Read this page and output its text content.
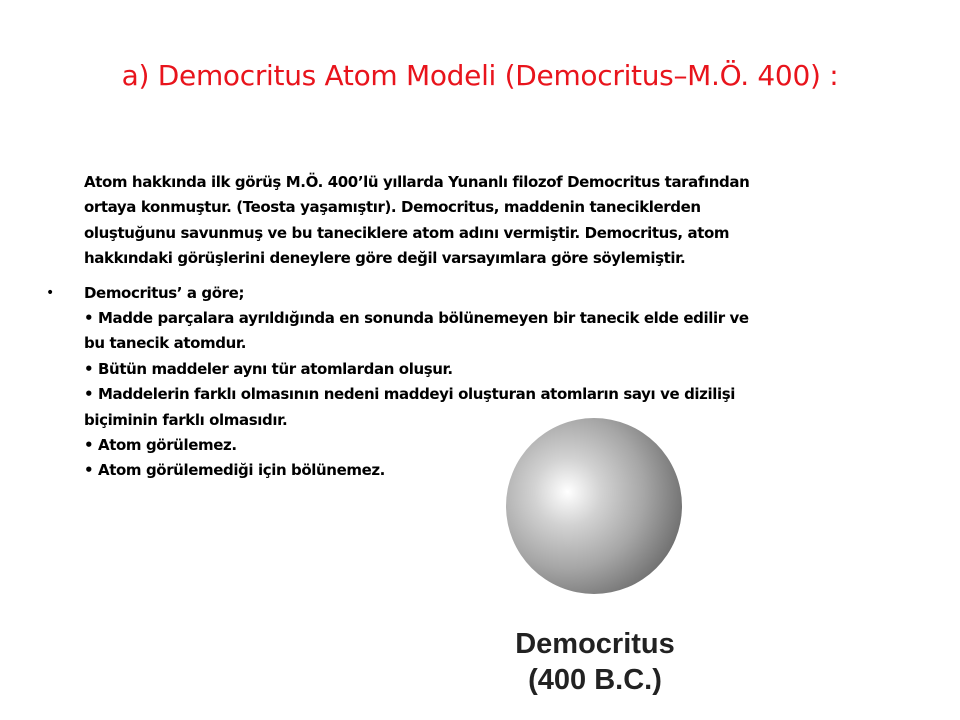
a) Democritus Atom Modeli (Democritus–M.Ö. 400) :

Atom hakkında ilk görüş M.Ö. 400’lü yıllarda Yunanlı filozof Democritus tarafından
ortaya konmuştur. (Teosta yaşamıştır). Democritus, maddenin taneciklerden
oluştuğunu savunmuş ve bu taneciklere atom adını vermiştir. Democritus, atom
hakkındaki görüşlerini deneylere göre değil varsayımlara göre söylemiştir.

• Democritus’ a göre;
• Madde parçalara ayrıldığında en sonunda bölünemeyen bir tanecik elde edilir ve
bu tanecik atomdur.
• Bütün maddeler aynı tür atomlardan oluşur.
• Maddelerin farklı olmasının nedeni maddeyi oluşturan atomların sayı ve dizilişi
biçiminin farklı olmasıdır.
• Atom görülemez.
• Atom görülemediği için bölünemez.
Democritus
(400 B.C.)
